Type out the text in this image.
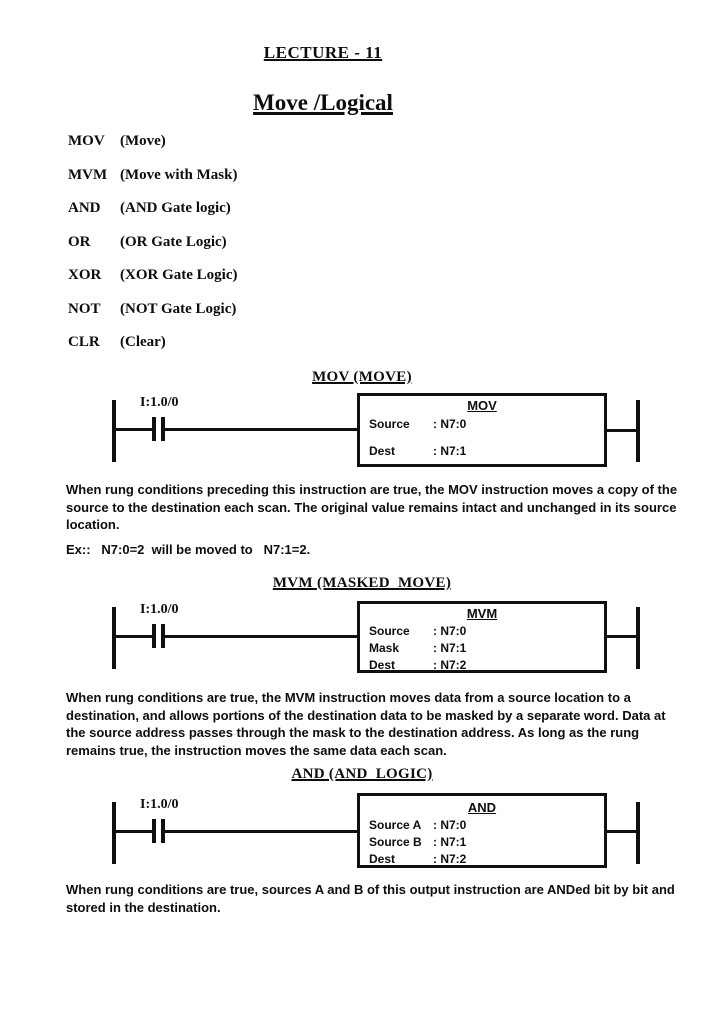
LECTURE - 11
Move /Logical
MOV (Move)
MVM (Move with Mask)
AND (AND Gate logic)
OR (OR Gate Logic)
XOR (XOR Gate Logic)
NOT (NOT Gate Logic)
CLR (Clear)
MOV (MOVE)
I:1.0/0	MOV
Source	: N7:0
Dest	: N7:1
When rung conditions preceding this instruction are true, the MOV instruction moves a copy of the source to the destination each scan. The original value remains intact and unchanged in its source location.
Ex::   N7:0=2  will be moved to   N7:1=2.
MVM (MASKED  MOVE)
I:1.0/0	MVM
Source	: N7:0
Mask	: N7:1
Dest	: N7:2
When rung conditions are true, the MVM instruction moves data from a source location to a destination, and allows portions of the destination data to be masked by a separate word. Data at the source address passes through the mask to the destination address. As long as the rung remains true, the instruction moves the same data each scan.
AND (AND  LOGIC)
I:1.0/0	AND
Source A : N7:0
Source B : N7:1
Dest	: N7:2
When rung conditions are true, sources A and B of this output instruction are ANDed bit by bit and stored in the destination.
